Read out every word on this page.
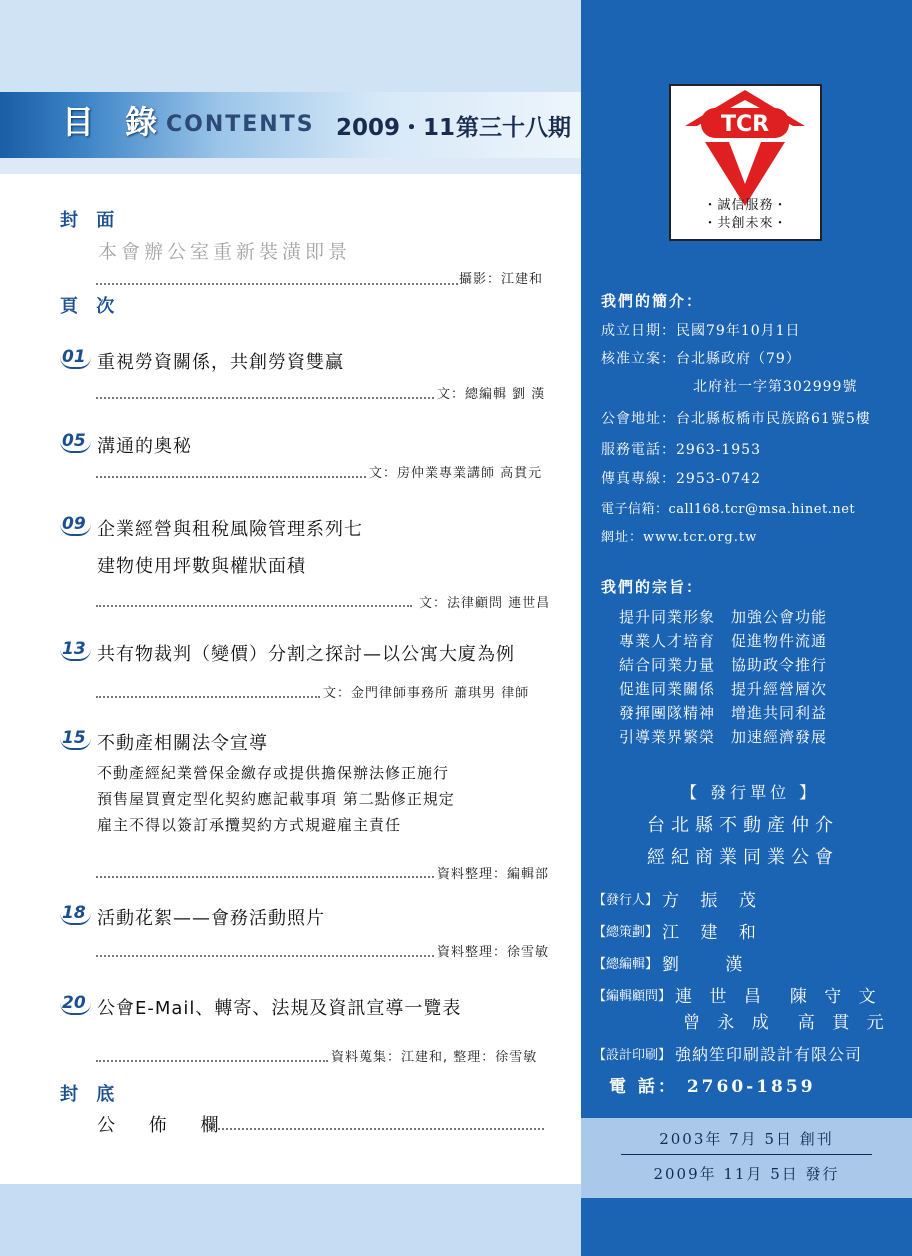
目 錄
CONTENTS 2009・11 第三十八期
封 面
本會辦公室重新裝潢即景
攝影：江建和
頁 次
01 重視勞資關係，共創勞資雙贏
文：總編輯 劉 漢
05 溝通的奧秘
文：房仲業專業講師 高貫元
09 企業經營與租稅風險管理系列七
建物使用坪數與權狀面積
文：法律顧問 連世昌
13 共有物裁判（變價）分割之探討—以公寓大廈為例
文：金門律師事務所 蕭琪男 律師
15 不動產相關法令宣導
不動產經紀業營保金繳存或提供擔保辦法修正施行
預售屋買賣定型化契約應記載事項 第二點修正規定
雇主不得以簽訂承攬契約方式規避雇主責任
資料整理：編輯部
18 活動花絮——會務活動照片
資料整理：徐雪敏
20 公會E-Mail、轉寄、法規及資訊宣導一覽表
資料蒐集：江建和, 整理：徐雪敏
封 底
公 佈 欄
TCR
・誠信服務・
・共創未來・
我們的簡介：
成立日期：民國79年10月1日
核准立案：台北縣政府（79）
北府社一字第302999號
公會地址：台北縣板橋市民族路61號5樓
服務電話：2963-1953
傳真專線：2953-0742
電子信箱：call168.tcr@msa.hinet.net
網址：www.tcr.org.tw
我們的宗旨：
提升同業形象　加強公會功能
專業人才培育　促進物件流通
結合同業力量　協助政令推行
促進同業關係　提升經營層次
發揮團隊精神　增進共同利益
引導業界繁榮　加速經濟發展
【 發行單位 】
台北縣不動產仲介
經紀商業同業公會
【發行人】 方 振 茂
【總策劃】 江 建 和
【總編輯】 劉 　漢
【編輯顧問】 連 世 昌　陳 守 文
曾 永 成　高 貫 元
【設計印刷】 強納笙印刷設計有限公司
電 話： 2760-1859
2003年 7月 5日 創刊
2009年 11月 5日 發行
